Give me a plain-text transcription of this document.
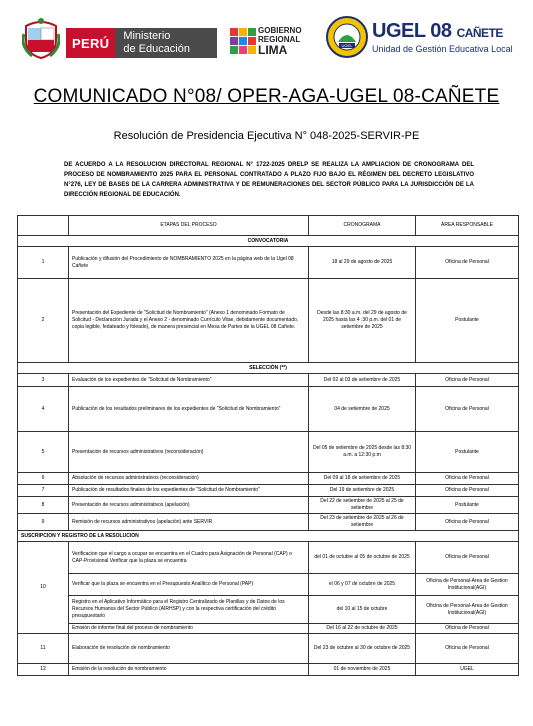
PERÚ	Ministerio
de Educación
GOBIERNO
REGIONAL
LIMA	UGEL
UGEL 08 CAÑETE
Unidad de Gestión Educativa Local
COMUNICADO N°08/ OPER-AGA-UGEL 08-CAÑETE
Resolución de Presidencia Ejecutiva N° 048-2025-SERVIR-PE
DE ACUERDO A LA RESOLUCION DIRECTORAL REGIONAL N° 1722-2025 DRELP SE REALIZA LA AMPLIACION DE CRONOGRAMA DEL PROCESO DE NOMBRAMIENTO 2025 PARA EL PERSONAL CONTRATADO A PLAZO FIJO BAJO EL RÉGIMEN DEL DECRETO LEGISLATIVO N°276, LEY DE BASES DE LA CARRERA ADMINISTRATIVA Y DE REMUNERACIONES DEL SECTOR PÚBLICO PARA LA JURISDICCIÓN DE LA DIRECCIÓN REGIONAL DE EDUCACIÓN.
	ETAPAS DEL PROCESO	CRONOGRAMA	ÁREA RESPONSABLE
CONVOCATORIA			
1	Publicación y difusión del Procedimiento de NOMBRAMIENTO 2025 en la página web de la Ugel 08 Cañete	18 al 29 de agosto de 2025	Oficina de Personal
2	Presentación del Expediente de "Solicitud de Nombramiento" (Anexo 1 denominado Formato de Solicitud - Declaración Jurada y el Anexo 2 - denominado Currículo Vitae, debidamente documentado, copia legible, fedateado y foleado), de manera presencial en Mesa de Partes de la UGEL 08 Cañete.	Desde las 8:30 a.m. del 29 de agosto de 2025 hasta las 4 :30 p.m. del 01 de setiembre de 2025	Postulante
SELECCIÓN (**)			
3	Evaluación de los expedientes de "Solicitud de Nombramiento"	Del 02 al 03 de setiembre de 2025	Oficina de Personal
4	Publicación de los resultados preliminares de los expedientes de "Solicitud de Nombramiento"	04 de setiembre de 2025	Oficina de Personal
5	Presentación de recursos administrativos (reconsideración)	Del 05 de setiembre de 2025 desde las 8:30 a.m. a 12:30 p.m	Postulante
6	Absolución de recursos administrativos (reconsideración)	Del 09 al 18 de setiembre de 2025	Oficina de Personal
7	Publicación de resultados finales de los expedientes de "Solicitud de Nombramiento"	Del 19 de setiembre de 2025	Oficina de Personal
8	Presentación de recursos administrativos (apelación)	Del 22 de setiembre de 2025 al 25 de setiembre	Postulante
9	Remisión de recursos administrativos (apelación) ante SERVIR	Del 23 de setiembre de 2025 al 26 de setiembre	Oficina de Personal
SUSCRIPCION Y REGISTRO DE LA RESOLUCION			
10	Verificacion que el cargo a ocupar se encuentra en el Cuadro para Asignación de Personal (CAP) o CAP-Provisional Verificar que la plaza se encuentra	del 01 de octubre al 05 de octubre de 2025	Oficina de Personal
	Verificar que la plaza se encuentra en el Presupuesto Analítico de Personal (PAP)	el 06 y 07 de octubre de 2025	Oficina de Personal-Area de Gestion Institucional(AGI)
	Registro en el Aplicativo Informático para el Registro Centralizado de Planillas y de Datos de los Recursos Humanos del Sector Público (AIRHSP) y con la respectiva certificación del crédito presupuestario	del 10 al 15 de octubre	Oficina de Personal-Area de Gestion Institucional(AGI)
	Emisión de informe final del proceso de nombramiento	Del 16 al 22 de octubre de 2025	Oficina de Personal
11	Elaboración de resolución de nombramiento	Del 23 de octubre al 30 de octubre de 2025	Oficina de Personal
12	Emisión de la resolución de nombramiento	01 de noviembre de 2025	UGEL
